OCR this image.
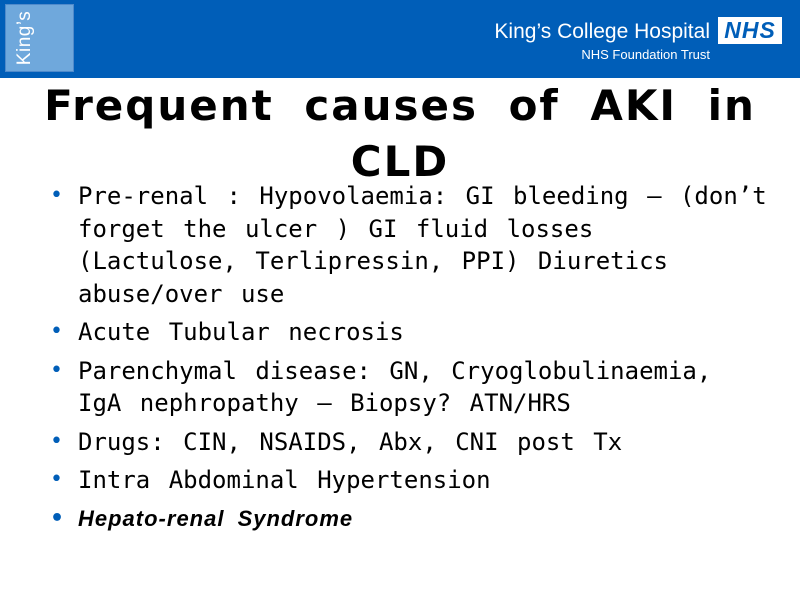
King’s	King’s College Hospital
NHS Foundation Trust
NHS
Frequent causes of AKI in CLD
• Pre-renal : Hypovolaemia: GI bleeding – (don’t forget the ulcer ) GI fluid losses (Lactulose, Terlipressin, PPI) Diuretics abuse/over use
• Acute Tubular necrosis
• Parenchymal disease: GN, Cryoglobulinaemia, IgA nephropathy – Biopsy? ATN/HRS
• Drugs: CIN, NSAIDS, Abx, CNI post Tx
• Intra Abdominal Hypertension
• Hepato-renal Syndrome
